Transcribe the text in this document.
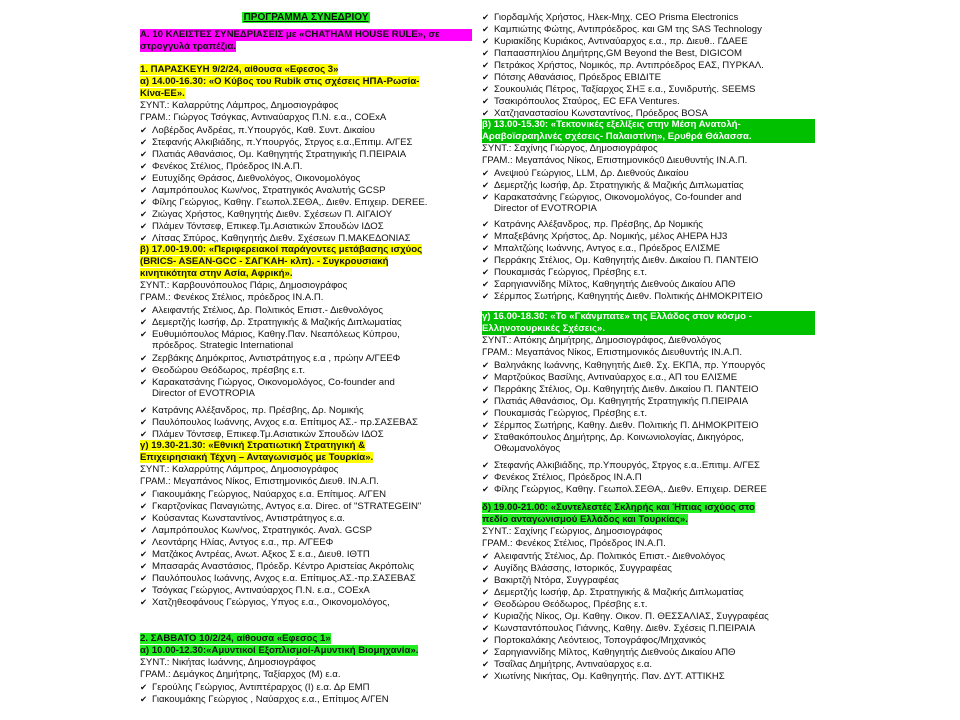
ΠΡΟΓΡΑΜΜΑ ΣΥΝΕΔΡΙΟΥ
Α. 10 ΚΛΕΙΣΤΕΣ ΣΥΝΕΔΡΙΑΣΕΙΣ με «CHATHAM HOUSE RULE», σε
στρογγυλά τραπέζια.
1. ΠΑΡΑΣΚΕΥΗ 9/2/24, αίθουσα «Εφεσος 3»
α) 14.00-16.30: «Ο Κύβος του Rubik στις σχέσεις ΗΠΑ-Ρωσία-
Κίνα-ΕΕ».
ΣΥΝΤ.: Καλαρρύτης Λάμπρος, Δημοσιογράφος
ΓΡΑΜ.: Γιώργος Τσόγκας, Αντιναύαρχος Π.Ν. ε.α., COExA
✔ Λοβέρδος Ανδρέας, π.Υπουργός, Καθ. Συντ. Δικαίου
✔ Στεφανής Αλκιβιάδης, π.Υπουργός, Στργος ε.α.,Επιτιμ. Α/ΓΕΣ
✔ Πλατιάς Αθανάσιος, Ομ. Καθηγητής Στρατηγικής Π.ΠΕΙΡΑΙΑ
✔ Φενέκος Στέλιος, Πρόεδρος ΙΝ.Α.Π.
✔ Ευτυχίδης Θράσος, Διεθνολόγος, Οικονομολόγος
✔ Λαμπρόπουλος Κων/νος, Στρατηγικός Αναλυτής GCSP
✔ Φίλης Γεώργιος, Καθηγ. Γεωπολ.ΣΕΘΑ,. Διεθν. Επιχειρ. DEREE.
✔ Ζιώγας Χρήστος, Καθηγητής Διεθν. Σχέσεων Π. ΑΙΓΑΙΟΥ
✔ Πλάμεν Τόντσεφ, Επικεφ.Τμ.Ασιατικών Σπουδών ΙΔΟΣ
✔ Λίτσας Σπύρος, Καθηγητής Διεθν. Σχέσεων Π.ΜΑΚΕΔΟΝΙΑΣ
β) 17.00-19.00: «Περιφερειακοί παράγοντες μετάβασης ισχύος
(BRICS- ASEAN-GCC - ΣΑΓΚΑΗ- κλπ). - Συγκρουσιακή
κινητικότητα στην Ασία, Αφρική».
ΣΥΝΤ.: Καρβουνόπουλος Πάρις, Δημοσιογράφος
ΓΡΑΜ.: Φενέκος Στέλιος, πρόεδρος ΙΝ.Α.Π.
✔ Αλειφαντής Στέλιος, Δρ. Πολιτικός Επιστ.- Διεθνολόγος
✔ Δεμερτζής Ιωσήφ, Δρ. Στρατηγικής & Μαζικής Διπλωματίας
✔ Ευθυμιόπουλος Μάριος, Καθηγ.Παν. Νεαπόλεως Κύπρου,
πρόεδρος. Strategic International
✔ Ζερβάκης Δημόκριτος, Αντιστράτηγος ε.α , πρώην Α/ΓΕΕΦ
✔ Θεοδώρου Θεόδωρος, πρέσβης ε.τ.
✔ Καρακατσάνης Γιώργος, Οικονομολόγος, Co-founder and
Director of EVOTROPIA
✔ Κατράνης Αλέξανδρος, πρ. Πρέσβης, Δρ. Νομικής
✔ Παυλόπουλος Ιωάννης, Ανχος ε.α. Επίτιμος ΑΣ.- πρ.ΣΑΣΕΒΑΣ
✔ Πλάμεν Τόντσεφ, Επικεφ.Τμ.Ασιατικών Σπουδών ΙΔΟΣ
γ) 19.30-21.30: «Εθνική Στρατιωτική Στρατηγική &
Επιχειρησιακή Τέχνη – Ανταγωνισμός με Τουρκία».
ΣΥΝΤ.: Καλαρρύτης Λάμπρος, Δημοσιογράφος
ΓΡΑΜ.: Μεγαπάνος Νίκος, Επιστημονικός Διευθ. ΙΝ.Α.Π.
✔ Γιακουμάκης Γεώργιος, Ναύαρχος ε.α. Επίτιμος. Α/ΓΕΝ
✔ Γκαρτζονίκας Παναγιώτης, Αντγος ε.α. Direc. of "STRATEGEIN"
✔ Κούσαντας Κωνσταντίνος, Αντιστράτηγος ε.α.
✔ Λαμπρόπουλος Κων/νος, Στρατηγικός. Αναλ. GCSP
✔ Λεοντάρης Ηλίας, Αντγος ε.α., πρ. Α/ΓΕΕΦ
✔ Ματζάκος Αντρέας, Ανωτ. Αξκος Σ ε.α., Διευθ. ΙΘΤΠ
✔ Μπασαράς Αναστάσιος, Πρόεδρ. Κέντρο Αριστείας Ακρόπολις
✔ Παυλόπουλος Ιωάννης, Ανχος ε.α. Επίτιμος.ΑΣ.-πρ.ΣΑΣΕΒΑΣ
✔ Τσόγκας Γεώργιος, Αντιναύαρχος Π.Ν. ε.α., COExA
✔ Χατζηθεοφάνους Γεώργιος, Υπγος ε.α., Οικονομολόγος,
2. ΣΑΒΒΑΤΟ 10/2/24, αίθουσα «Εφεσος 1»
α) 10.00-12.30:«Αμυντικοί Εξοπλισμοί-Αμυντική Βιομηχανία».
ΣΥΝΤ.: Νικήτας Ιωάννης, Δημοσιογράφος
ΓΡΑΜ.: Δεμάγκος Δημήτρης, Ταξίαρχος (Μ) ε.α.
✔ Γερούλης Γεώργιος, Αντιπτέραρχος (Ι) ε.α. Δρ ΕΜΠ
✔ Γιακουμάκης Γεώργιος , Ναύαρχος ε.α., Επίτιμος Α/ΓΕΝ
✔ Γιορδαμλής Χρήστος, Ηλεκ-Μηχ. CEO Prisma Electronics
✔ Καμπιώτης Φώτης, Αντιπρόεδρος. και GM της SAS Technology
✔ Κυριακίδης Κυριάκος, Αντιναύαρχος ε.α., πρ. Διευθ.. ΓΔΑΕΕ
✔ Παπαασπηλίου Δημήτρης,GM Beyond the Best, DIGICOM
✔ Πετράκος Χρήστος, Νομικός, πρ. Αντιπρόεδρος ΕΑΣ, ΠΥΡΚΑΛ.
✔ Πότσης Αθανάσιος, Πρόεδρος ΕΒΙΔΙΤΕ
✔ Σουκουλιάς Πέτρος, Ταξίαρχος ΣΗΞ ε.α., Συνιδρυτής. SEEMS
✔ Τσακιρόπουλος Σταύρος, EC EFA Ventures.
✔ Χατζηαναστασίου Κωνσταντίνος, Πρόεδρος BOSA
β) 13.00-15.30: «Τεκτονικές εξελίξεις στην Μέση Ανατολή-
Αραβοϊσραηλινές σχέσεις- Παλαιστίνη», Ερυθρά Θάλασσα.
ΣΥΝΤ.: Σαχίνης Γιώργος, Δημοσιογράφος
ΓΡΑΜ.: Μεγαπάνος Νίκος, Επιστημονικός0 Διευθυντής ΙΝ.Α.Π.
✔ Ανεψιού Γεώργιος, LLM, Δρ. Διεθνούς Δικαίου
✔ Δεμερτζής Ιωσήφ, Δρ. Στρατηγικής & Μαζικής Διπλωματίας
✔ Καρακατσάνης Γεώργιος, Οικονομολόγος, Co-founder and
Director of EVOTROPIA
✔ Κατράνης Αλέξανδρος, πρ. Πρέσβης, Δρ Νομικής
✔ Μπαξεβάνης Χρήστος, Δρ. Νομικής, μέλος ΑΗΕΡΑ HJ3
✔ Μπαλτζώης Ιωάννης, Αντγος ε.α., Πρόεδρος ΕΛΙΣΜΕ
✔ Περράκης Στέλιος, Ομ. Καθηγητής Διεθν. Δικαίου Π. ΠΑΝΤΕΙΟ
✔ Πουκαμισάς Γεώργιος, Πρέσβης ε.τ.
✔ Σαρηγιαννίδης Μίλτος, Καθηγητής Διεθνούς Δικαίου ΑΠΘ
✔ Σέρμπος Σωτήρης, Καθηγητής Διεθν. Πολιτικής ΔΗΜΟΚΡΙΤΕΙΟ
γ) 16.00-18.30: «Το «Γκάνμπατε» της Ελλάδος στον κόσμο -
Ελληνοτουρκικές Σχέσεις».
ΣΥΝΤ.: Απόκης Δημήτρης, Δημοσιογράφος, Διεθνολόγος
ΓΡΑΜ.: Μεγαπάνος Νίκος, Επιστημονικός Διευθυντής ΙΝ.Α.Π.
✔ Βαληνάκης Ιωάννης, Καθηγητής Διεθ. Σχ. ΕΚΠΑ, πρ. Υπουργός
✔ Μαρτζούκος Βασίλης, Αντιναύαρχος ε.α., ΑΠ του ΕΛΙΣΜΕ
✔ Περράκης Στέλιος, Ομ. Καθηγητής Διεθν. Δικαίου Π. ΠΑΝΤΕΙΟ
✔ Πλατιάς Αθανάσιος, Ομ. Καθηγητής Στρατηγικής Π.ΠΕΙΡΑΙΑ
✔ Πουκαμισάς Γεώργιος, Πρέσβης ε.τ.
✔ Σέρμπος Σωτήρης, Καθηγ. Διεθν. Πολιτικής Π. ΔΗΜΟΚΡΙΤΕΙΟ
✔ Σταθακόπουλος Δημήτρης, Δρ. Κοινωνιολογίας, Δικηγόρος,
Οθωμανολόγος
✔ Στεφανής Αλκιβιάδης, πρ.Υπουργός, Στργος ε.α..Επιτιμ. Α/ΓΕΣ
✔ Φενέκος Στέλιος, Πρόεδρος ΙΝ.Α.Π
✔ Φίλης Γεώργιος, Καθηγ. Γεωπολ.ΣΕΘΑ,. Διεθν. Επιχειρ. DEREE
δ) 19.00-21.00: «Συντελεστές Σκληρής και Ήπιας ισχύος στο
πεδίο ανταγωνισμού Ελλάδος και Τουρκίας».
ΣΥΝΤ.: Σαχίνης Γεώργιος, Δημοσιογράφος
ΓΡΑΜ.: Φενέκος Στέλιος, Πρόεδρος ΙΝ.Α.Π.
✔ Αλειφαντής Στέλιος, Δρ. Πολιτικός Επιστ.- Διεθνολόγος
✔ Αυγίδης Βλάσσης, Ιστορικός, Συγγραφέας
✔ Βακιρτζή Ντόρα, Συγγραφέας
✔ Δεμερτζής Ιωσήφ, Δρ. Στρατηγικής & Μαζικής Διπλωματίας
✔ Θεοδώρου Θεόδωρος, Πρέσβης ε.τ.
✔ Κυριαζής Νίκος, Ομ. Καθηγ. Οικον. Π. ΘΕΣΣΑΛΙΑΣ, Συγγραφέας
✔ Κωνσταντόπουλος Γιάννης, Καθηγ. Διεθν. Σχέσεις Π.ΠΕΙΡΑΙΑ
✔ Πορτοκαλάκης Λεόντειος, Τοπογράφος/Μηχανικός
✔ Σαρηγιαννίδης Μίλτος, Καθηγητής Διεθνούς Δικαίου ΑΠΘ
✔ Τσαΐλας Δημήτρης, Αντιναύαρχος ε.α.
✔ Χιωτίνης Νικήτας, Ομ. Καθηγητής. Παν. ΔΥΤ. ΑΤΤΙΚΗΣ
